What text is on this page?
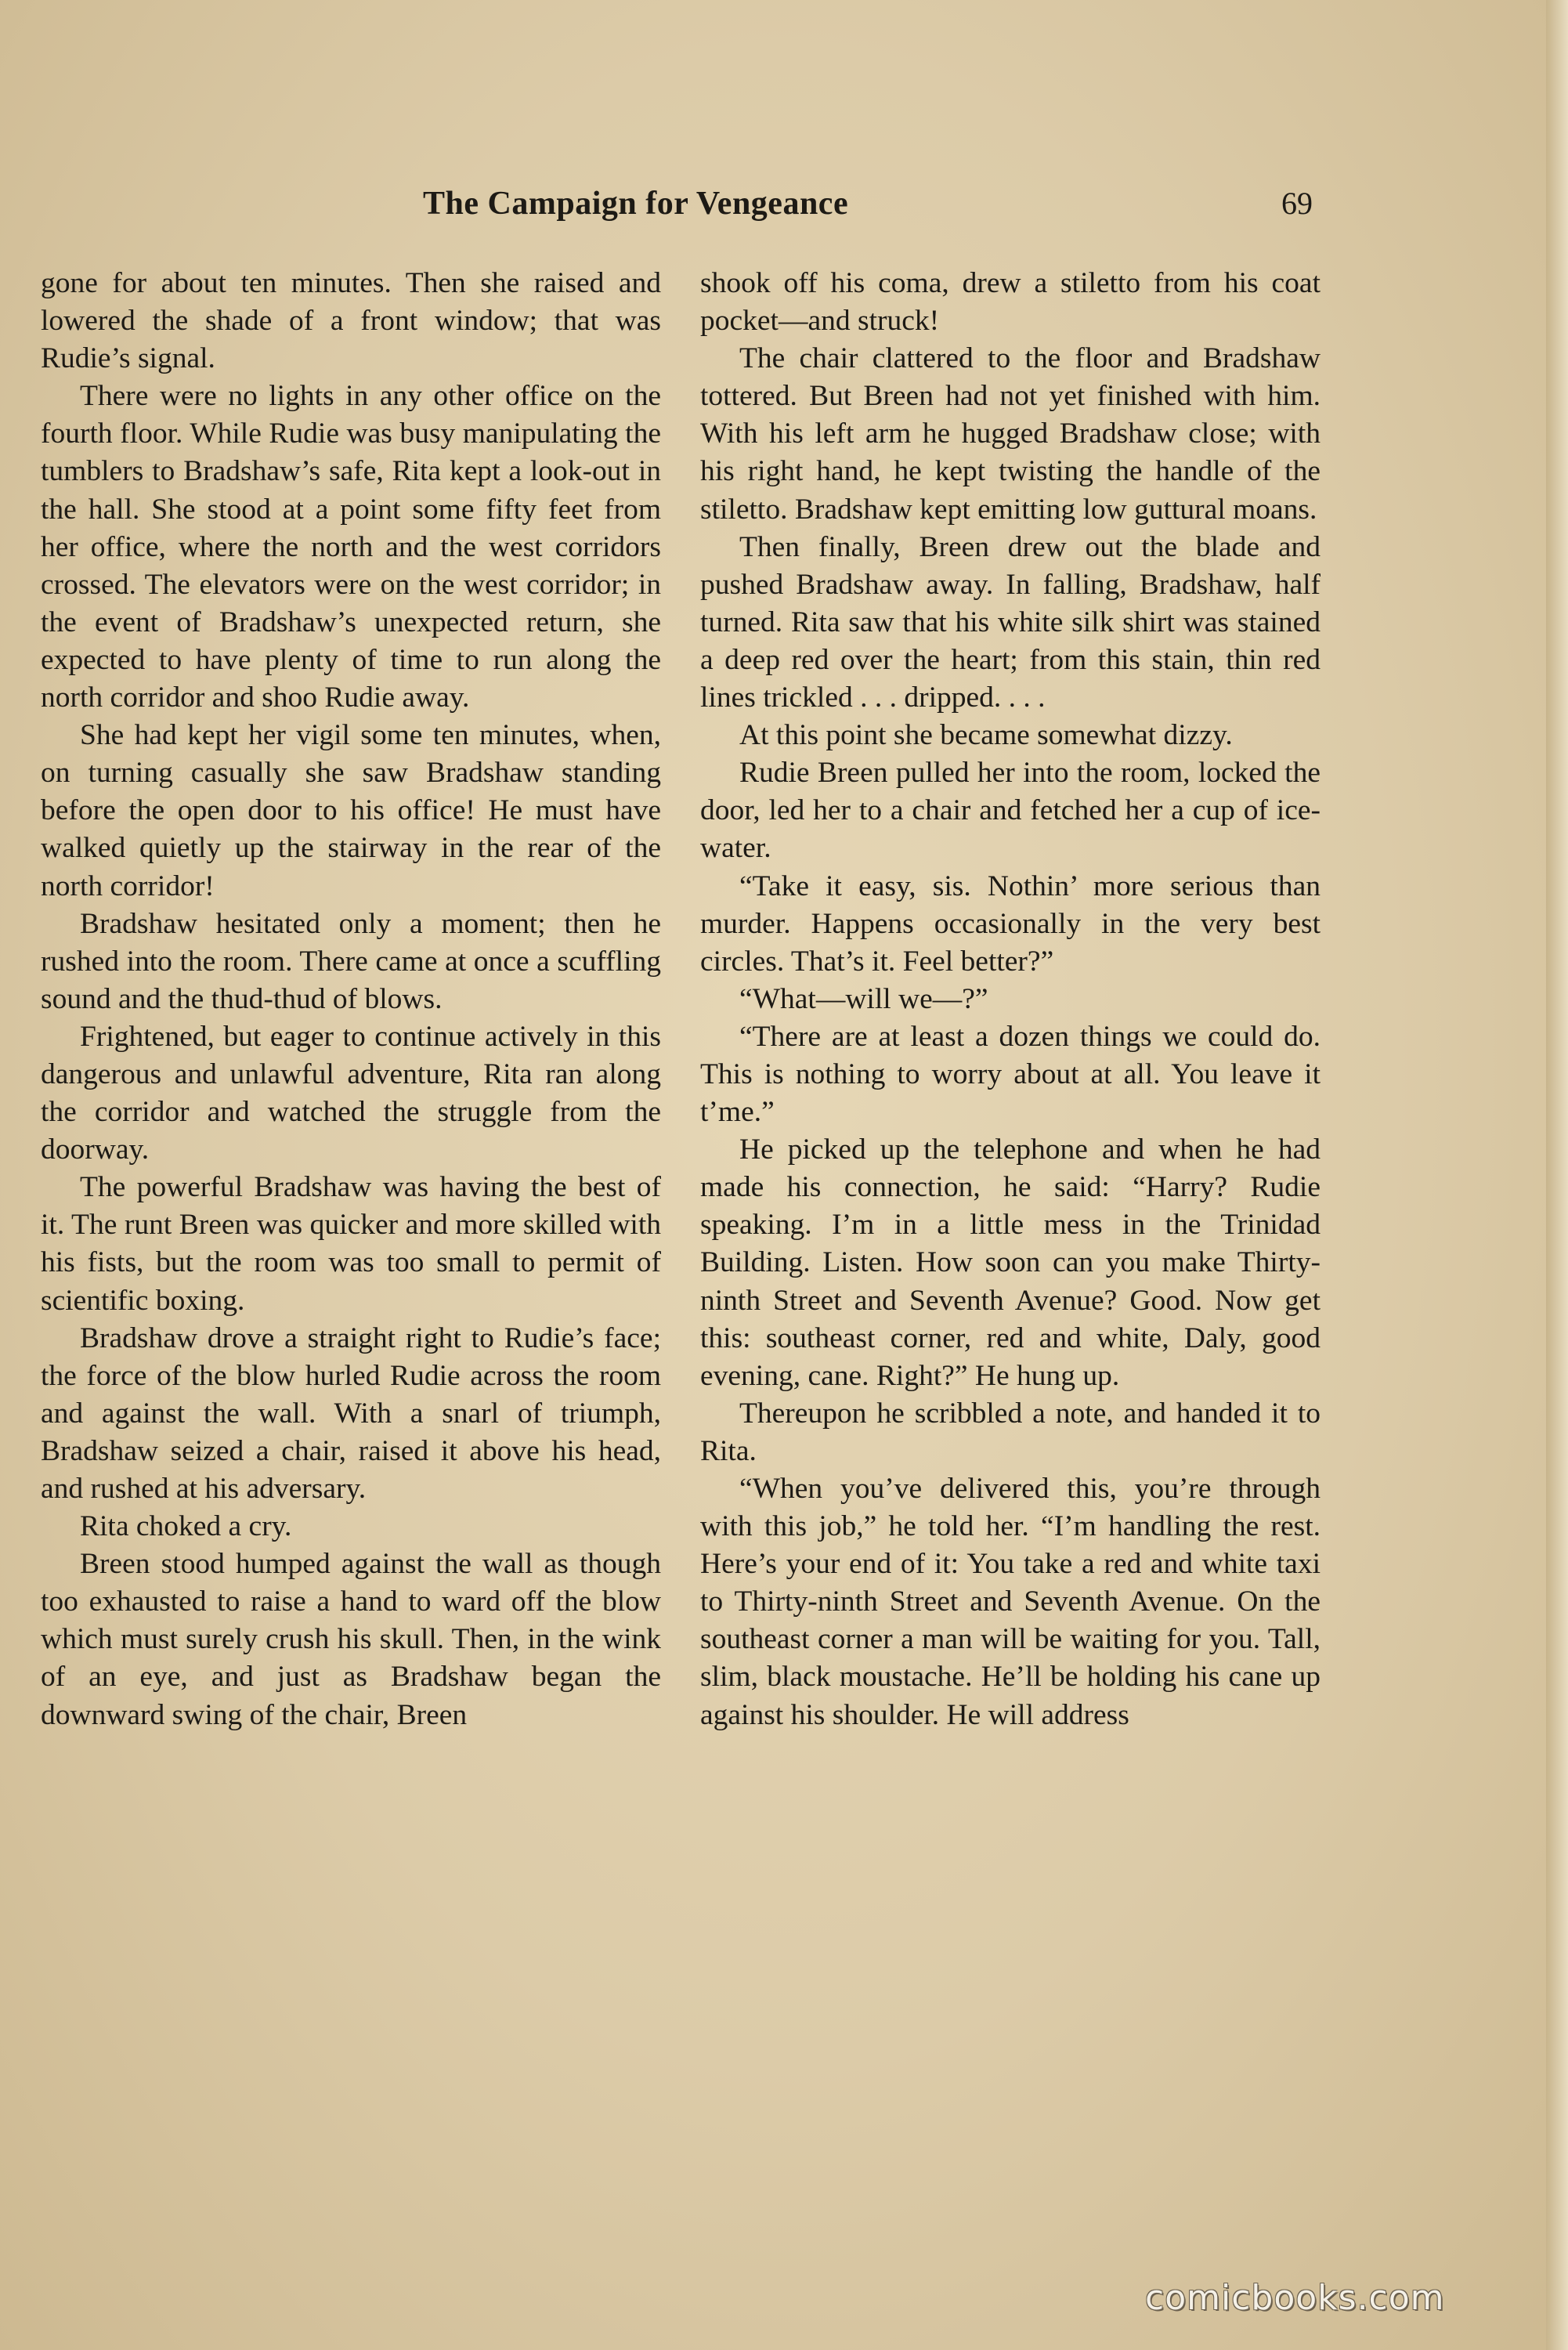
The Campaign for Vengeance	69

gone for about ten minutes. Then she raised and lowered the shade of a front window; that was Rudie’s signal.

There were no lights in any other office on the fourth floor. While Rudie was busy manipulating the tumblers to Bradshaw’s safe, Rita kept a look-out in the hall. She stood at a point some fifty feet from her office, where the north and the west corridors crossed. The elevators were on the west corridor; in the event of Bradshaw’s unexpected return, she expected to have plenty of time to run along the north corridor and shoo Rudie away.

She had kept her vigil some ten minutes, when, on turning casually she saw Bradshaw standing before the open door to his office! He must have walked quietly up the stairway in the rear of the north corridor!

Bradshaw hesitated only a moment; then he rushed into the room. There came at once a scuffling sound and the thud-thud of blows.

Frightened, but eager to continue actively in this dangerous and unlawful adventure, Rita ran along the corridor and watched the struggle from the doorway.

The powerful Bradshaw was having the best of it. The runt Breen was quicker and more skilled with his fists, but the room was too small to permit of scientific boxing.

Bradshaw drove a straight right to Rudie’s face; the force of the blow hurled Rudie across the room and against the wall. With a snarl of triumph, Bradshaw seized a chair, raised it above his head, and rushed at his adversary.

Rita choked a cry.

Breen stood humped against the wall as though too exhausted to raise a hand to ward off the blow which must surely crush his skull. Then, in the wink of an eye, and just as Bradshaw began the downward swing of the chair, Breen

shook off his coma, drew a stiletto from his coat pocket—and struck!

The chair clattered to the floor and Bradshaw tottered. But Breen had not yet finished with him. With his left arm he hugged Bradshaw close; with his right hand, he kept twisting the handle of the stiletto. Bradshaw kept emitting low guttural moans.

Then finally, Breen drew out the blade and pushed Bradshaw away. In falling, Bradshaw, half turned. Rita saw that his white silk shirt was stained a deep red over the heart; from this stain, thin red lines trickled . . . dripped. . . .

At this point she became somewhat dizzy.

Rudie Breen pulled her into the room, locked the door, led her to a chair and fetched her a cup of ice-water.

“Take it easy, sis. Nothin’ more serious than murder. Happens occasionally in the very best circles. That’s it. Feel better?”

“What—will we—?”

“There are at least a dozen things we could do. This is nothing to worry about at all. You leave it t’me.”

He picked up the telephone and when he had made his connection, he said: “Harry? Rudie speaking. I’m in a little mess in the Trinidad Building. Listen. How soon can you make Thirty-ninth Street and Seventh Avenue? Good. Now get this: southeast corner, red and white, Daly, good evening, cane. Right?” He hung up.

Thereupon he scribbled a note, and handed it to Rita.

“When you’ve delivered this, you’re through with this job,” he told her. “I’m handling the rest. Here’s your end of it: You take a red and white taxi to Thirty-ninth Street and Seventh Avenue. On the southeast corner a man will be waiting for you. Tall, slim, black moustache. He’ll be holding his cane up against his shoulder. He will address

comicbooks.com
